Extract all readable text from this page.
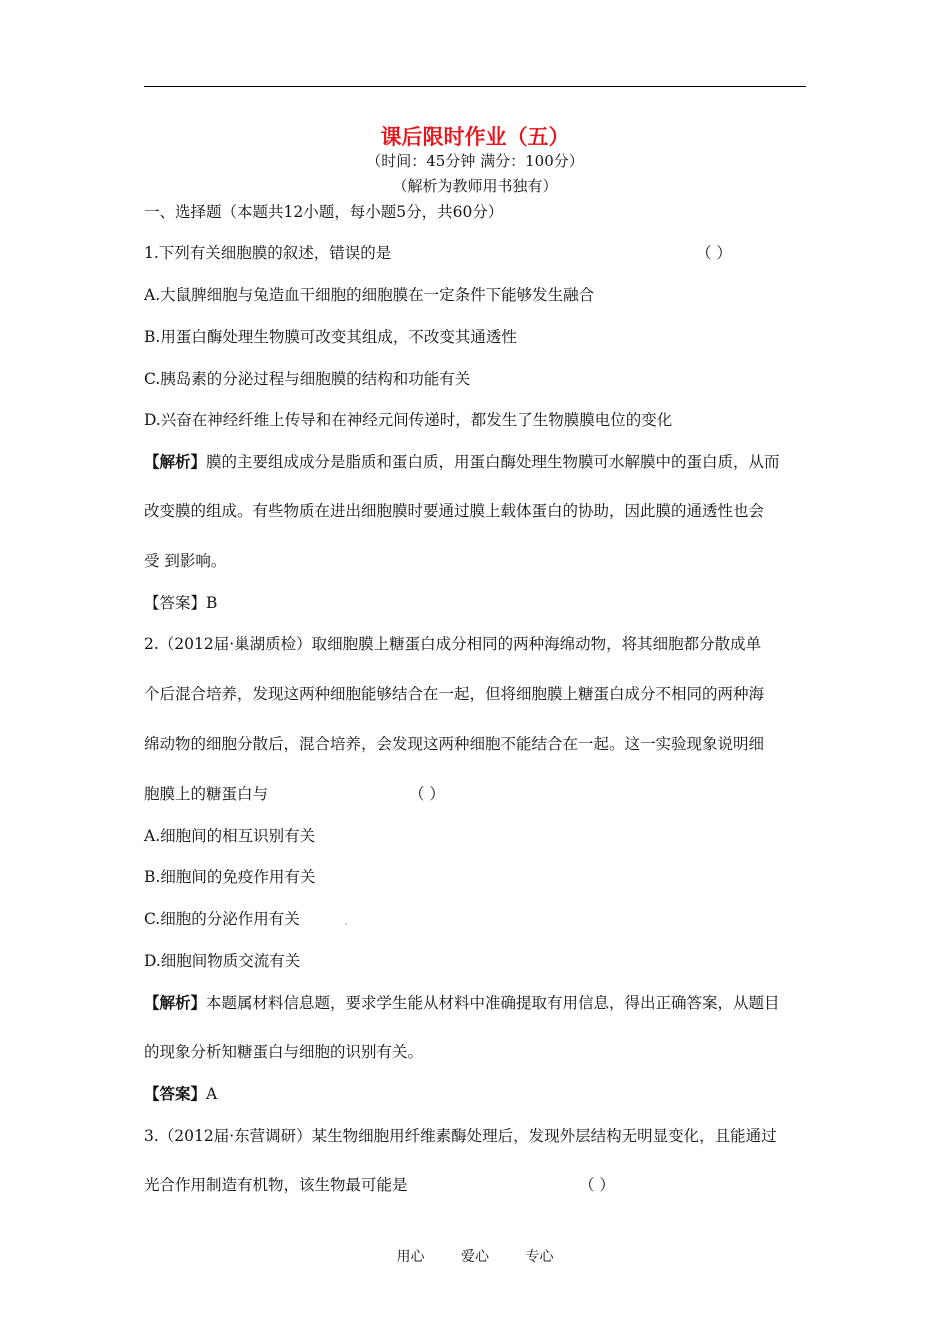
课后限时作业（五）
（时间：45分钟 满分：100分）
（解析为教师用书独有）
一、选择题（本题共12小题，每小题5分，共60分）
1.下列有关细胞膜的叙述，错误的是	（ ）
A.大鼠脾细胞与兔造血干细胞的细胞膜在一定条件下能够发生融合
B.用蛋白酶处理生物膜可改变其组成，不改变其通透性
C.胰岛素的分泌过程与细胞膜的结构和功能有关
D.兴奋在神经纤维上传导和在神经元间传递时，都发生了生物膜膜电位的变化
【解析】膜的主要组成成分是脂质和蛋白质，用蛋白酶处理生物膜可水解膜中的蛋白质，从而
改变膜的组成。有些物质在进出细胞膜时要通过膜上载体蛋白的协助，因此膜的通透性也会
受 到影响。
【答案】B
2.（2012届·巢湖质检）取细胞膜上糖蛋白成分相同的两种海绵动物，将其细胞都分散成单
个后混合培养，发现这两种细胞能够结合在一起，但将细胞膜上糖蛋白成分不相同的两种海
绵动物的细胞分散后，混合培养，会发现这两种细胞不能结合在一起。这一实验现象说明细
胞膜上的糖蛋白与	（ ）
A.细胞间的相互识别有关
B.细胞间的免疫作用有关
C.细胞的分泌作用有关	.
D.细胞间物质交流有关
【解析】本题属材料信息题，要求学生能从材料中准确提取有用信息，得出正确答案，从题目
的现象分析知糖蛋白与细胞的识别有关。
【答案】A
3.（2012届·东营调研）某生物细胞用纤维素酶处理后，发现外层结构无明显变化，且能通过
光合作用制造有机物，该生物最可能是	（ ）
用心	爱心	专心
